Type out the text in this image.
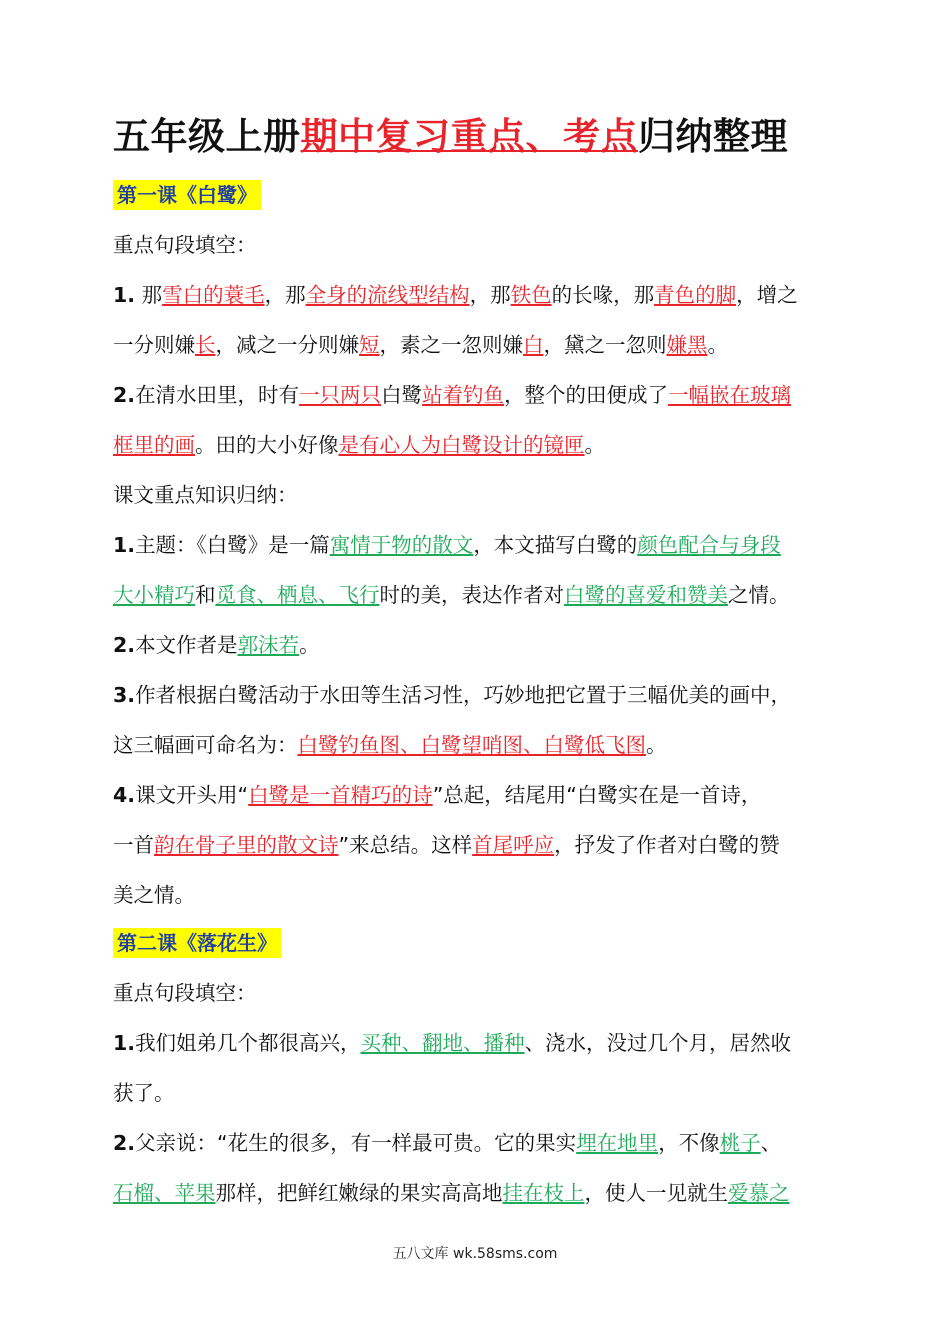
五年级上册期中复习重点、考点归纳整理
第一课《白鹭》
重点句段填空：
1. 那雪白的蓑毛，那全身的流线型结构，那铁色的长喙，那青色的脚，增之
一分则嫌长，减之一分则嫌短，素之一忽则嫌白，黛之一忽则嫌黑。
2.在清水田里，时有一只两只白鹭站着钓鱼，整个的田便成了一幅嵌在玻璃
框里的画。田的大小好像是有心人为白鹭设计的镜匣。
课文重点知识归纳：
1.主题：《白鹭》是一篇寓情于物的散文，本文描写白鹭的颜色配合与身段
大小精巧和觅食、栖息、飞行时的美，表达作者对白鹭的喜爱和赞美之情。
2.本文作者是郭沫若。
3.作者根据白鹭活动于水田等生活习性，巧妙地把它置于三幅优美的画中，
这三幅画可命名为：白鹭钓鱼图、白鹭望哨图、白鹭低飞图。
4.课文开头用“白鹭是一首精巧的诗”总起，结尾用“白鹭实在是一首诗，
一首韵在骨子里的散文诗”来总结。这样首尾呼应，抒发了作者对白鹭的赞
美之情。
第二课《落花生》
重点句段填空：
1.我们姐弟几个都很高兴，买种、翻地、播种、浇水，没过几个月，居然收
获了。
2.父亲说：“花生的很多，有一样最可贵。它的果实埋在地里，不像桃子、
石榴、苹果那样，把鲜红嫩绿的果实高高地挂在枝上，使人一见就生爱慕之
五八文库 wk.58sms.com
